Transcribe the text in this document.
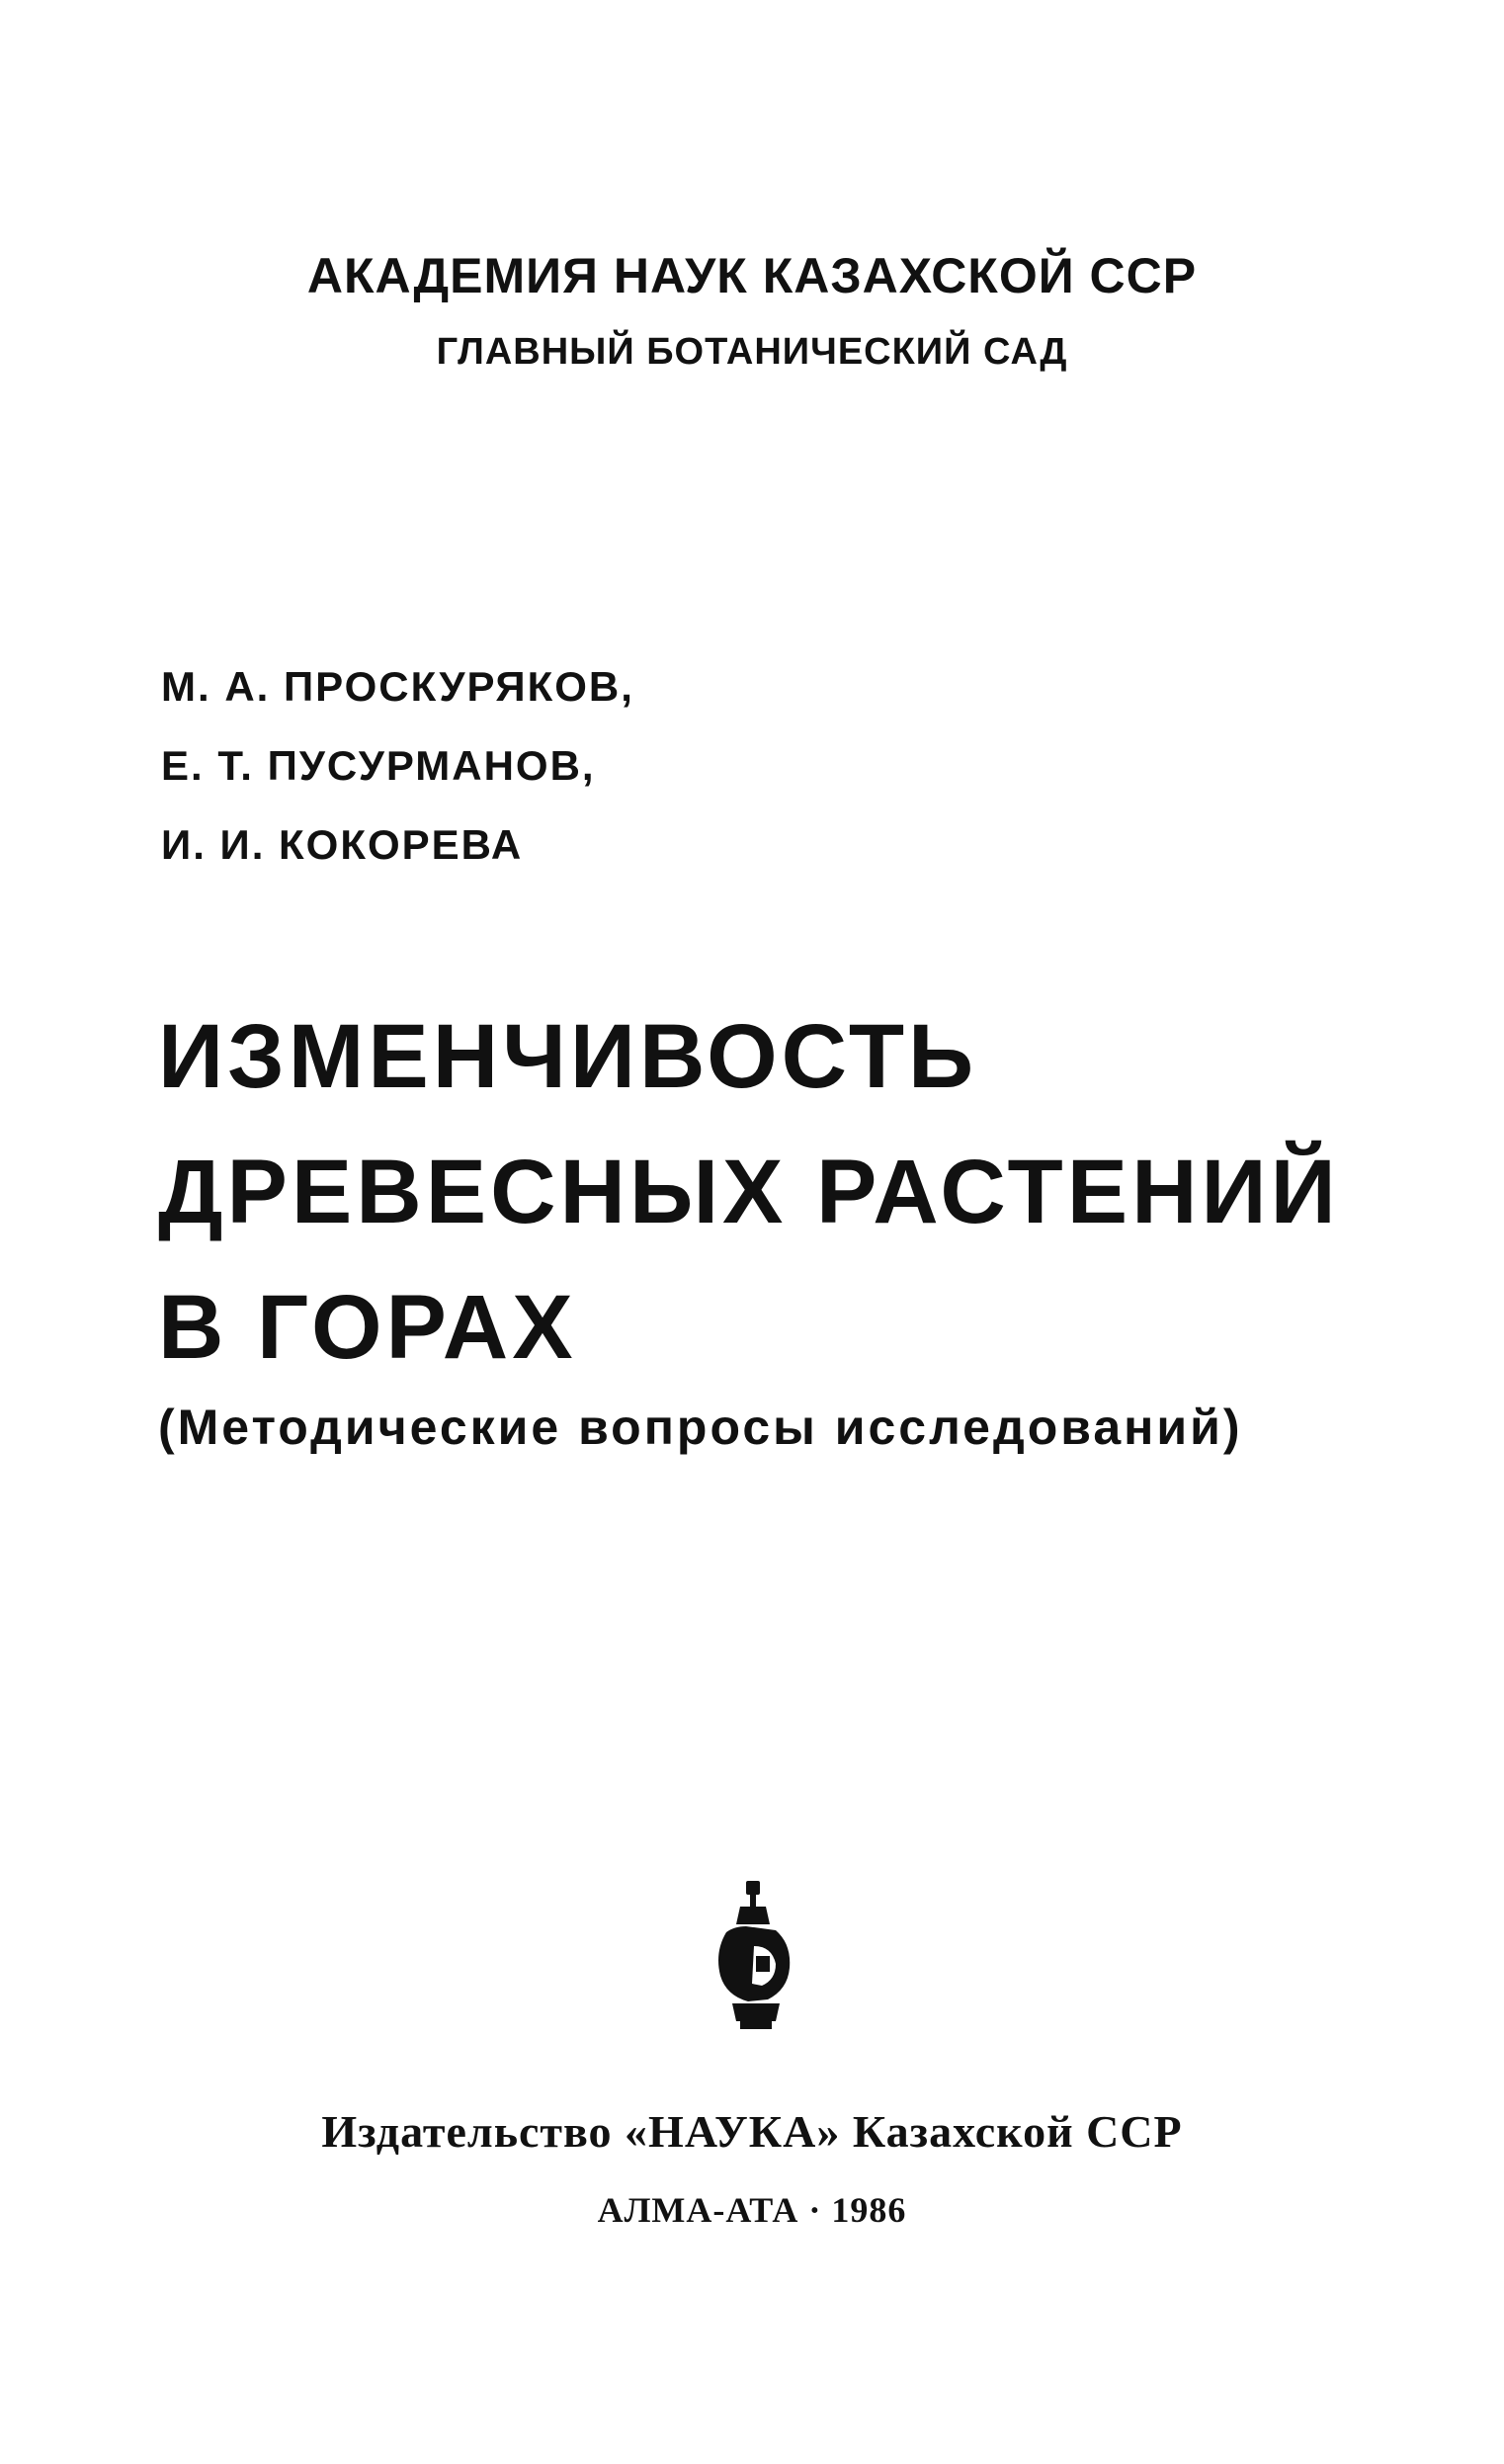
АКАДЕМИЯ НАУК КАЗАХСКОЙ ССР
ГЛАВНЫЙ БОТАНИЧЕСКИЙ САД
М. А. ПРОСКУРЯКОВ,
Е. Т. ПУСУРМАНОВ,
И. И. КОКОРЕВА
ИЗМЕНЧИВОСТЬ
ДРЕВЕСНЫХ РАСТЕНИЙ
В ГОРАХ
(Методические вопросы исследований)
Издательство «НАУКА» Казахской ССР
АЛМА-АТА · 1986
